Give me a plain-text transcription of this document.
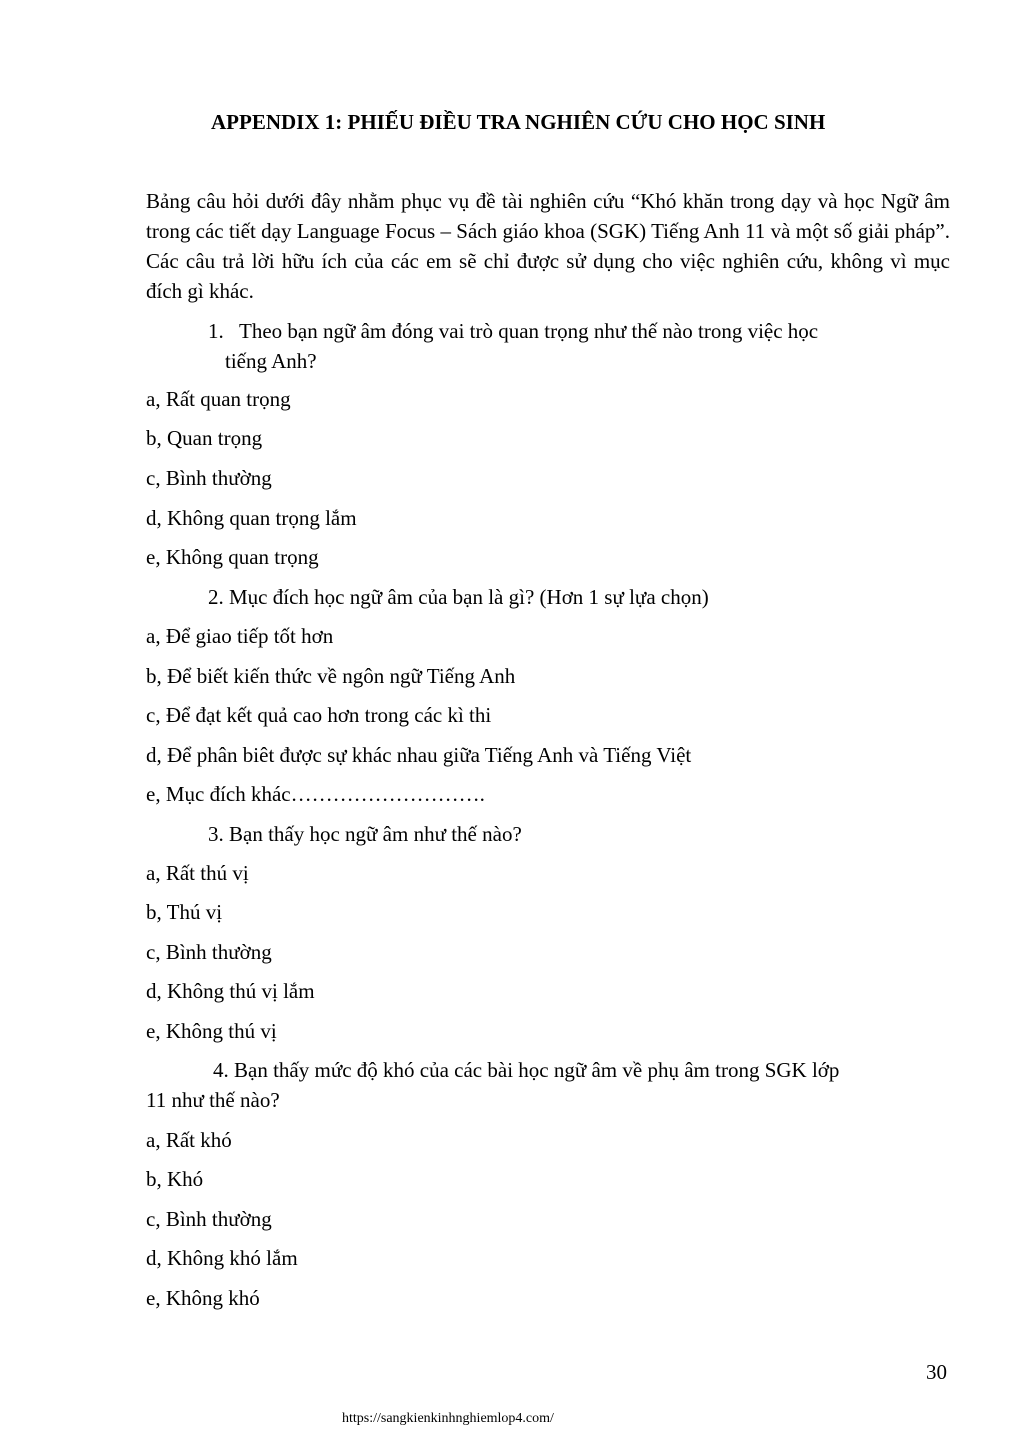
APPENDIX 1: PHIẾU ĐIỀU TRA NGHIÊN CỨU CHO HỌC SINH
Bảng câu hỏi dưới đây nhằm phục vụ đề tài nghiên cứu “Khó khăn trong dạy và học Ngữ âm trong các tiết dạy Language Focus – Sách giáo khoa (SGK) Tiếng Anh 11 và một số giải pháp”. Các câu trả lời hữu ích của các em sẽ chỉ được sử dụng cho việc nghiên cứu, không vì mục đích gì khác.
1. Theo bạn ngữ âm đóng vai trò quan trọng như thế nào trong việc học
tiếng Anh?
a, Rất quan trọng
b, Quan trọng
c, Bình thường
d, Không quan trọng lắm
e, Không quan trọng
2. Mục đích học ngữ âm của bạn là gì? (Hơn 1 sự lựa chọn)
a, Để giao tiếp tốt hơn
b, Để biết kiến thức về ngôn ngữ Tiếng Anh
c, Để đạt kết quả cao hơn trong các kì thi
d, Để phân biêt được sự khác nhau giữa Tiếng Anh và Tiếng Việt
e, Mục đích khác……………………….
3. Bạn thấy học ngữ âm như thế nào?
a, Rất thú vị
b, Thú vị
c, Bình thường
d, Không thú vị lắm
e, Không thú vị
4. Bạn thấy mức độ khó của các bài học ngữ âm về phụ âm trong SGK lớp
11 như thế nào?
a, Rất khó
b, Khó
c, Bình thường
d, Không khó lắm
e, Không khó
30
https://sangkienkinhnghiemlop4.com/
